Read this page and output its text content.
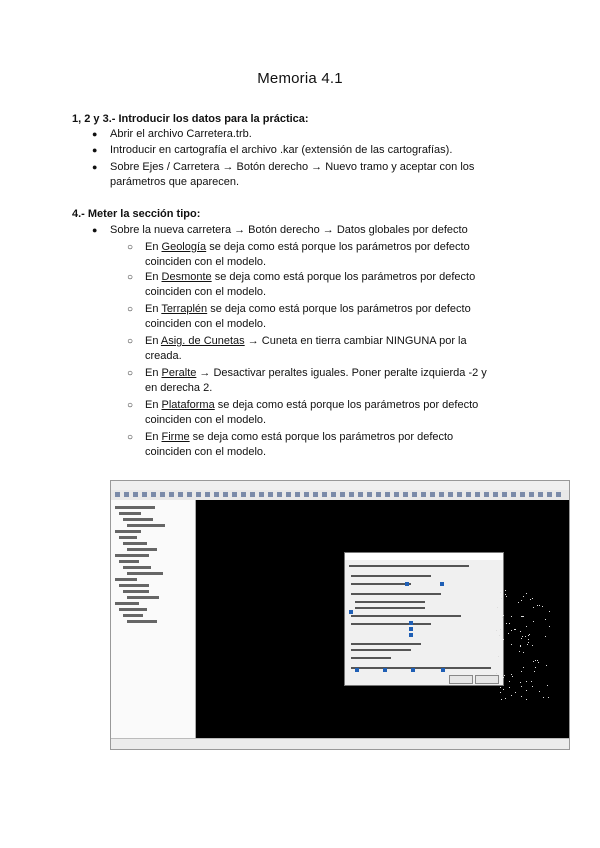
Memoria 4.1
1, 2 y 3.- Introducir los datos para la práctica:
● Abrir el archivo Carretera.trb.
● Introducir en cartografía el archivo .kar (extensión de las cartografías).
● Sobre Ejes / Carretera → Botón derecho → Nuevo tramo y aceptar con los
parámetros que aparecen.
4.- Meter la sección tipo:
● Sobre la nueva carretera → Botón derecho → Datos globales por defecto
○ En Geología se deja como está porque los parámetros por defecto
coinciden con el modelo.
○ En Desmonte se deja como está porque los parámetros por defecto
coinciden con el modelo.
○ En Terraplén se deja como está porque los parámetros por defecto
coinciden con el modelo.
○ En Asig. de Cunetas → Cuneta en tierra cambiar NINGUNA por la
creada.
○ En Peralte → Desactivar peraltes iguales. Poner peralte izquierda -2 y
en derecha 2.
○ En Plataforma se deja como está porque los parámetros por defecto
coinciden con el modelo.
○ En Firme se deja como está porque los parámetros por defecto
coinciden con el modelo.
